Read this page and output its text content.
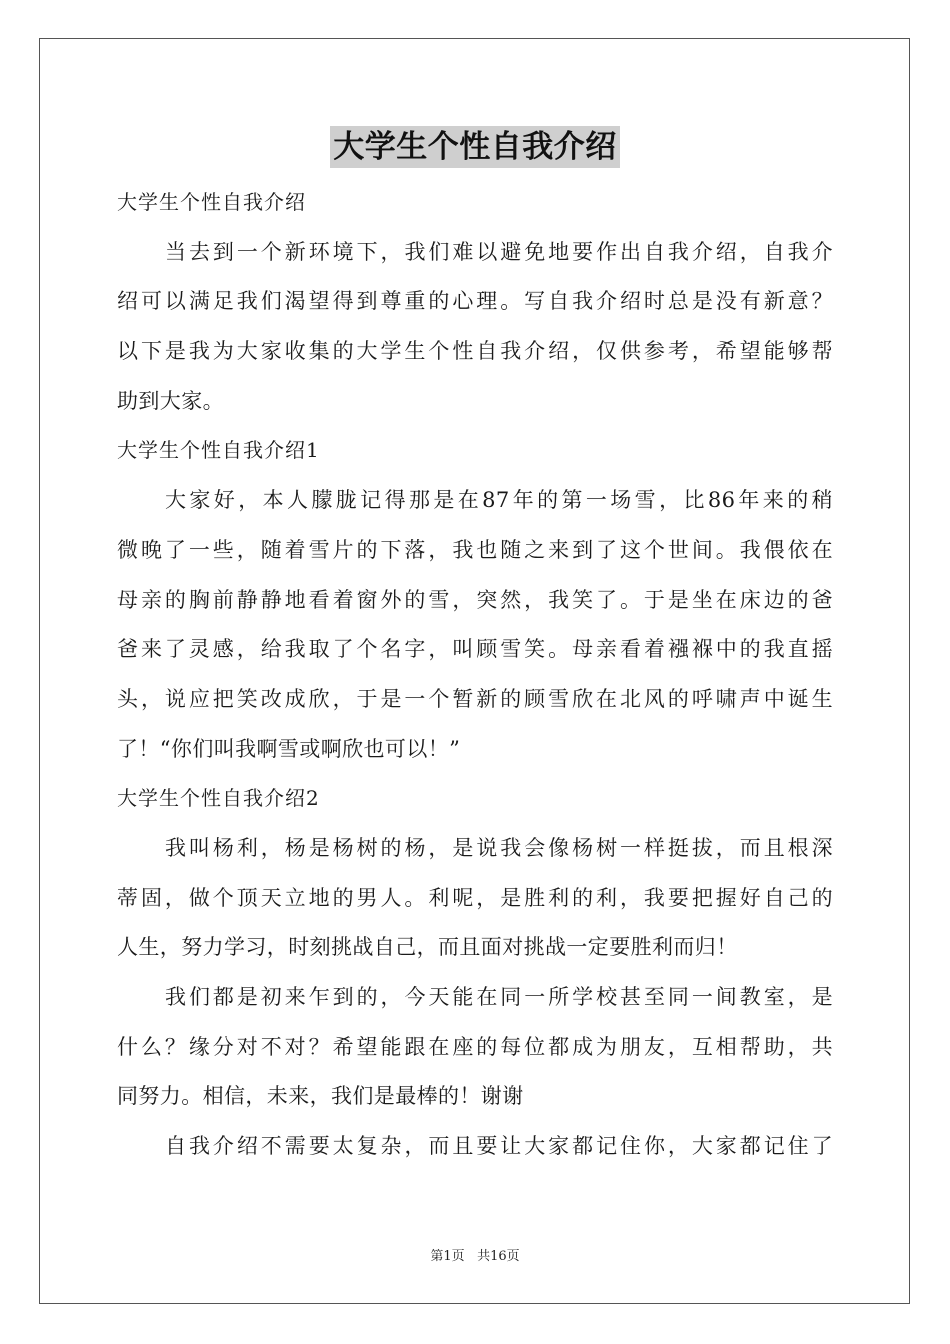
大学生个性自我介绍
大学生个性自我介绍
当去到一个新环境下，我们难以避免地要作出自我介绍，自我介
绍可以满足我们渴望得到尊重的心理。写自我介绍时总是没有新意？
以下是我为大家收集的大学生个性自我介绍，仅供参考，希望能够帮
助到大家。
大学生个性自我介绍1
大家好，本人朦胧记得那是在87年的第一场雪，比86年来的稍
微晚了一些，随着雪片的下落，我也随之来到了这个世间。我偎依在
母亲的胸前静静地看着窗外的雪，突然，我笑了。于是坐在床边的爸
爸来了灵感，给我取了个名字，叫顾雪笑。母亲看着襁褓中的我直摇
头，说应把笑改成欣，于是一个暂新的顾雪欣在北风的呼啸声中诞生
了！“你们叫我啊雪或啊欣也可以！”
大学生个性自我介绍2
我叫杨利，杨是杨树的杨，是说我会像杨树一样挺拔，而且根深
蒂固，做个顶天立地的男人。利呢，是胜利的利，我要把握好自己的
人生，努力学习，时刻挑战自己，而且面对挑战一定要胜利而归！
我们都是初来乍到的，今天能在同一所学校甚至同一间教室，是
什么？缘分对不对？希望能跟在座的每位都成为朋友，互相帮助，共
同努力。相信，未来，我们是最棒的！谢谢
自我介绍不需要太复杂，而且要让大家都记住你，大家都记住了
第1页 共16页
